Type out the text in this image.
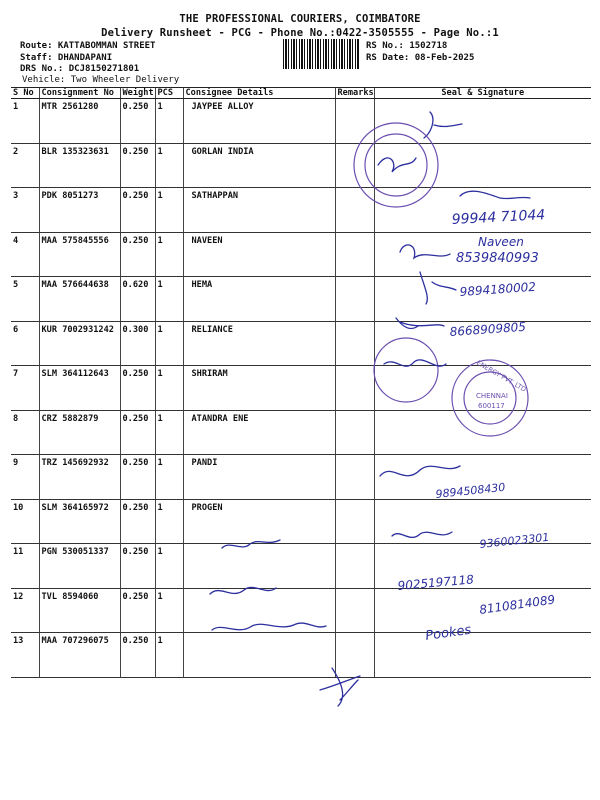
THE PROFESSIONAL COURIERS, COIMBATORE
Delivery Runsheet - PCG - Phone No.:0422-3505555 - Page No.:1
Route: KATTABOMMAN STREET
Staff: DHANDAPANI
DRS No.: DCJ8150271801
Vehicle: Two Wheeler Delivery
RS No.: 1502718
RS Date: 08-Feb-2025
S No	Consignment No	Weight	PCS	Consignee Details	Remarks	Seal & Signature
1	MTR 2561280	0.250	1	JAYPEE ALLOY		
2	BLR 135323631	0.250	1	GORLAN INDIA		
3	PDK 8051273	0.250	1	SATHAPPAN		
4	MAA 575845556	0.250	1	NAVEEN		
5	MAA 576644638	0.620	1	HEMA		
6	KUR 7002931242	0.300	1	RELIANCE		
7	SLM 364112643	0.250	1	SHRIRAM		
8	CRZ 5882879	0.250	1	ATANDRA ENE		
9	TRZ 145692932	0.250	1	PANDI		
10	SLM 364165972	0.250	1	PROGEN		
11	PGN 530051337	0.250	1			
12	TVL 8594060	0.250	1			
13	MAA 707296075	0.250	1			
99944 71044
Naveen
8539840993
9894180002
8668909805
9894508430
9360023301
9025197118
8110814089
Pookes
CHENNAI
600117
ENERGY PVT. LTD
